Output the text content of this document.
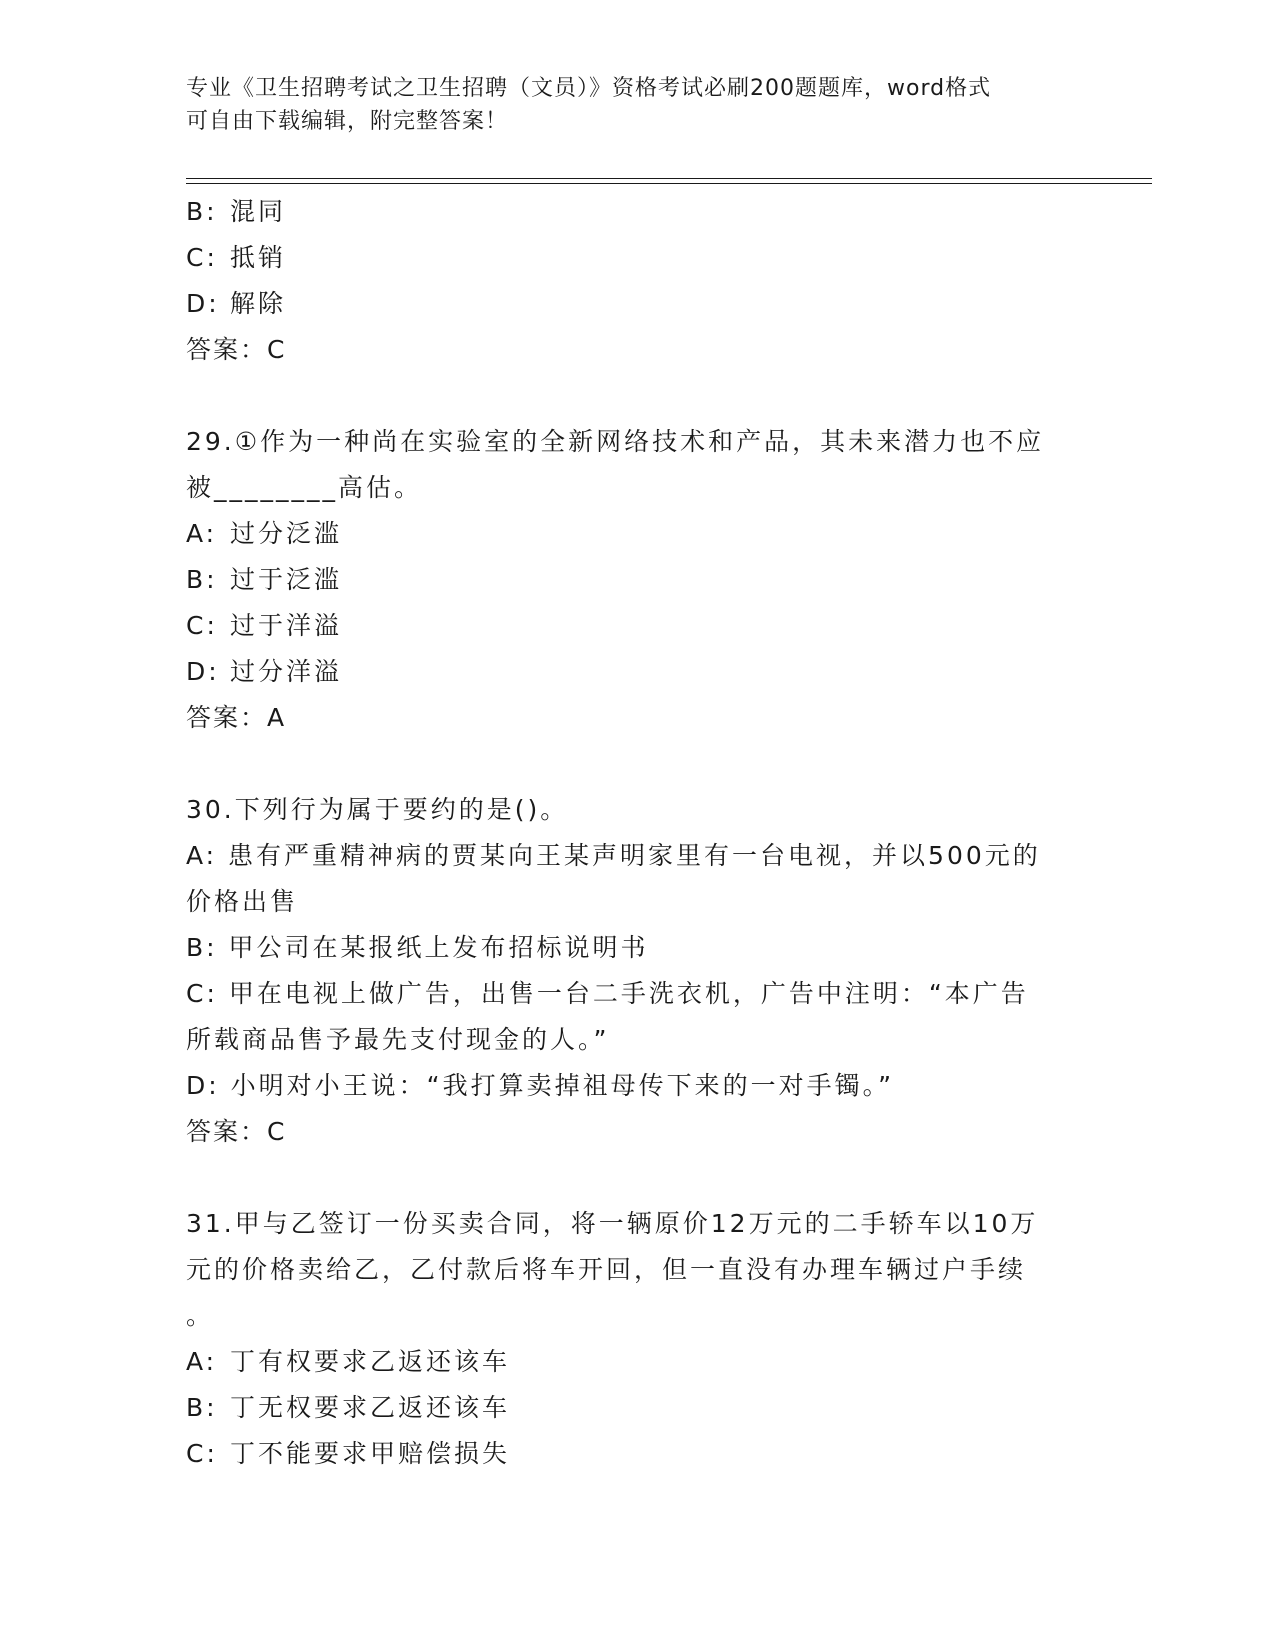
专业《卫生招聘考试之卫生招聘（文员）》资格考试必刷200题题库，word格式
可自由下载编辑，附完整答案！
B: 混同
C: 抵销
D: 解除
答案：C
29.①作为一种尚在实验室的全新网络技术和产品，其未来潜力也不应
被________高估。
A: 过分泛滥
B: 过于泛滥
C: 过于洋溢
D: 过分洋溢
答案：A
30.下列行为属于要约的是()。
A: 患有严重精神病的贾某向王某声明家里有一台电视，并以500元的
价格出售
B: 甲公司在某报纸上发布招标说明书
C: 甲在电视上做广告，出售一台二手洗衣机，广告中注明：“本广告
所载商品售予最先支付现金的人。”
D: 小明对小王说：“我打算卖掉祖母传下来的一对手镯。”
答案：C
31.甲与乙签订一份买卖合同，将一辆原价12万元的二手轿车以10万
元的价格卖给乙，乙付款后将车开回，但一直没有办理车辆过户手续
。
A: 丁有权要求乙返还该车
B: 丁无权要求乙返还该车
C: 丁不能要求甲赔偿损失
